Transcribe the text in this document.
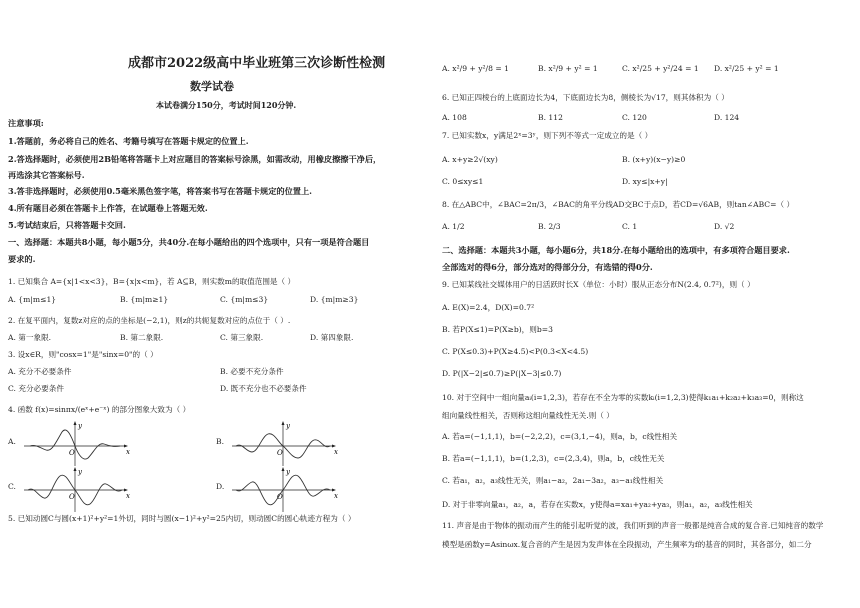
成都市2022级高中毕业班第三次诊断性检测
数学试卷
本试卷满分150分，考试时间120分钟.
注意事项:
1.答题前，务必将自己的姓名、考籍号填写在答题卡规定的位置上.
2.答选择题时，必须使用2B铅笔将答题卡上对应题目的答案标号涂黑，如需改动，用橡皮擦擦干净后，
再选涂其它答案标号.
3.答非选择题时，必须使用0.5毫米黑色签字笔，将答案书写在答题卡规定的位置上.
4.所有题目必须在答题卡上作答，在试题卷上答题无效.
5.考试结束后，只将答题卡交回.
一、选择题：本题共8小题，每小题5分，共40分.在每小题给出的四个选项中，只有一项是符合题目
要求的.
1. 已知集合 A={x|1<x<3}，B={x|x<m}，若 A⊆B，则实数m的取值范围是（ ）
A. {m|m≤1}	B. {m|m≥1}	C. {m|m≤3}	D. {m|m≥3}
2. 在复平面内，复数z对应的点的坐标是(−2,1)，则z的共轭复数对应的点位于（ ）.
A. 第一象限.	B. 第二象限.	C. 第三象限.	D. 第四象限.
3. 设x∈R，则"cosx=1"是"sinx=0"的（ ）
A. 充分不必要条件	B. 必要不充分条件
C. 充分必要条件	D. 既不充分也不必要条件
4. 函数 f(x)=sinπx/(eˣ+e⁻ˣ) 的部分图象大致为（ ）
A.
x
y
O
B.
x
y
O
C.
x
y
O
D.
x
y
O
5. 已知动圆C与圆(x+1)²+y²=1外切，同时与圆(x−1)²+y²=25内切，则动圆C的圆心轨迹方程为（ ）
A. x²/9 + y²/8 = 1	B. x²/9 + y² = 1	C. x²/25 + y²/24 = 1 D. x²/25 + y² = 1
6. 已知正四棱台的上底面边长为4，下底面边长为8，侧棱长为√17，则其体积为（ ）
A. 108	B. 112	C. 120	D. 124
7. 已知实数x，y满足2ˣ=3ʸ，则下列不等式一定成立的是（ ）
A. x+y≥2√(xy)	B. (x+y)(x−y)≥0
C. 0≤xy≤1	D. xy≤|x+y|
8. 在△ABC中，∠BAC=2π/3，∠BAC的角平分线AD交BC于点D，若CD=√6AB，则tan∠ABC=（ ）
A. 1/2	B. 2/3	C. 1	D. √2
二、选择题：本题共3小题，每小题6分，共18分.在每小题给出的选项中，有多项符合题目要求.
全部选对的得6分，部分选对的得部分分，有选错的得0分.
9. 已知某线社交媒体用户的日活跃时长X（单位：小时）服从正态分布N(2.4, 0.7²)，则（ ）
A. E(X)=2.4，D(X)=0.7²
B. 若P(X≤1)=P(X≥b)，则b=3
C. P(X≤0.3)+P(X≥4.5)<P(0.3<X<4.5)
D. P(|X−2|≤0.7)≥P(|X−3|≤0.7)
10. 对于空间中一组向量aᵢ(i=1,2,3)，若存在不全为零的实数kᵢ(i=1,2,3)使得k₁a₁+k₂a₂+k₃a₃=0，则称这
组向量线性相关，否则称这组向量线性无关.则（ ）
A. 若a=(−1,1,1)，b=(−2,2,2)，c=(3,1,−4)，则a，b，c线性相关
B. 若a=(−1,1,1)，b=(1,2,3)，c=(2,3,4)，则a，b，c线性无关
C. 若a₁，a₂，a₃线性无关，则a₁−a₂，2a₁−3a₂，a₃−a₁线性相关
D. 对于非零向量a₁，a₂，a，若存在实数x，y使得a=xa₁+ya₂+ya₃，则a₁，a₂，a₃线性相关
11. 声音是由于物体的振动而产生的能引起听觉的波，我们听到的声音一般都是纯音合成的复合音.已知纯音的数学
模型是函数y=Asinωx.复合音的产生是因为发声体在全段振动，产生频率为f的基音的同时，其各部分，如二分
